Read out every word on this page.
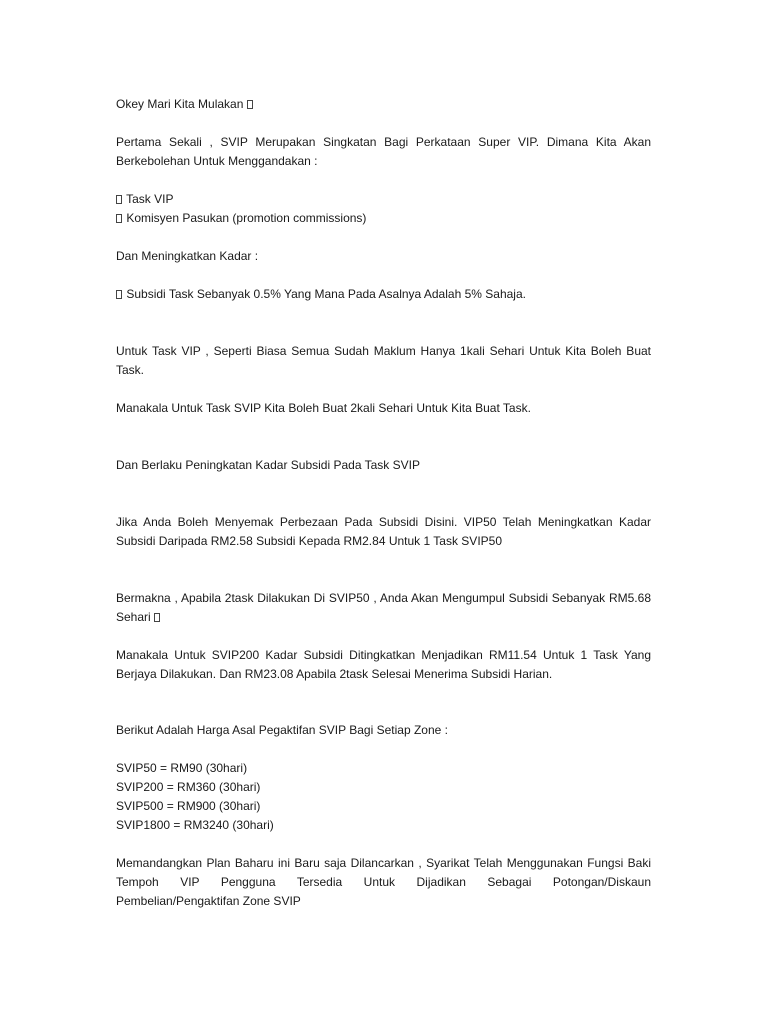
Okey Mari Kita Mulakan
Pertama Sekali , SVIP Merupakan Singkatan Bagi Perkataan Super VIP. Dimana Kita Akan
Berkebolehan Untuk Menggandakan :
Task VIP
Komisyen Pasukan (promotion commissions)
Dan Meningkatkan Kadar :
Subsidi Task Sebanyak 0.5% Yang Mana Pada Asalnya Adalah 5% Sahaja.
Untuk Task VIP , Seperti Biasa Semua Sudah Maklum Hanya 1kali Sehari Untuk Kita Boleh Buat
Task.
Manakala Untuk Task SVIP Kita Boleh Buat 2kali Sehari Untuk Kita Buat Task.
Dan Berlaku Peningkatan Kadar Subsidi Pada Task SVIP
Jika Anda Boleh Menyemak Perbezaan Pada Subsidi Disini. VIP50 Telah Meningkatkan Kadar
Subsidi Daripada RM2.58 Subsidi Kepada RM2.84 Untuk 1 Task SVIP50
Bermakna , Apabila 2task Dilakukan Di SVIP50 , Anda Akan Mengumpul Subsidi Sebanyak RM5.68
Sehari
Manakala Untuk SVIP200 Kadar Subsidi Ditingkatkan Menjadikan RM11.54 Untuk 1 Task Yang
Berjaya Dilakukan. Dan RM23.08 Apabila 2task Selesai Menerima Subsidi Harian.
Berikut Adalah Harga Asal Pegaktifan SVIP Bagi Setiap Zone :
SVIP50 = RM90 (30hari)
SVIP200 = RM360 (30hari)
SVIP500 = RM900 (30hari)
SVIP1800 = RM3240 (30hari)
Memandangkan Plan Baharu ini Baru saja Dilancarkan , Syarikat Telah Menggunakan Fungsi Baki
Tempoh VIP Pengguna Tersedia Untuk Dijadikan Sebagai Potongan/Diskaun
Pembelian/Pengaktifan Zone SVIP
